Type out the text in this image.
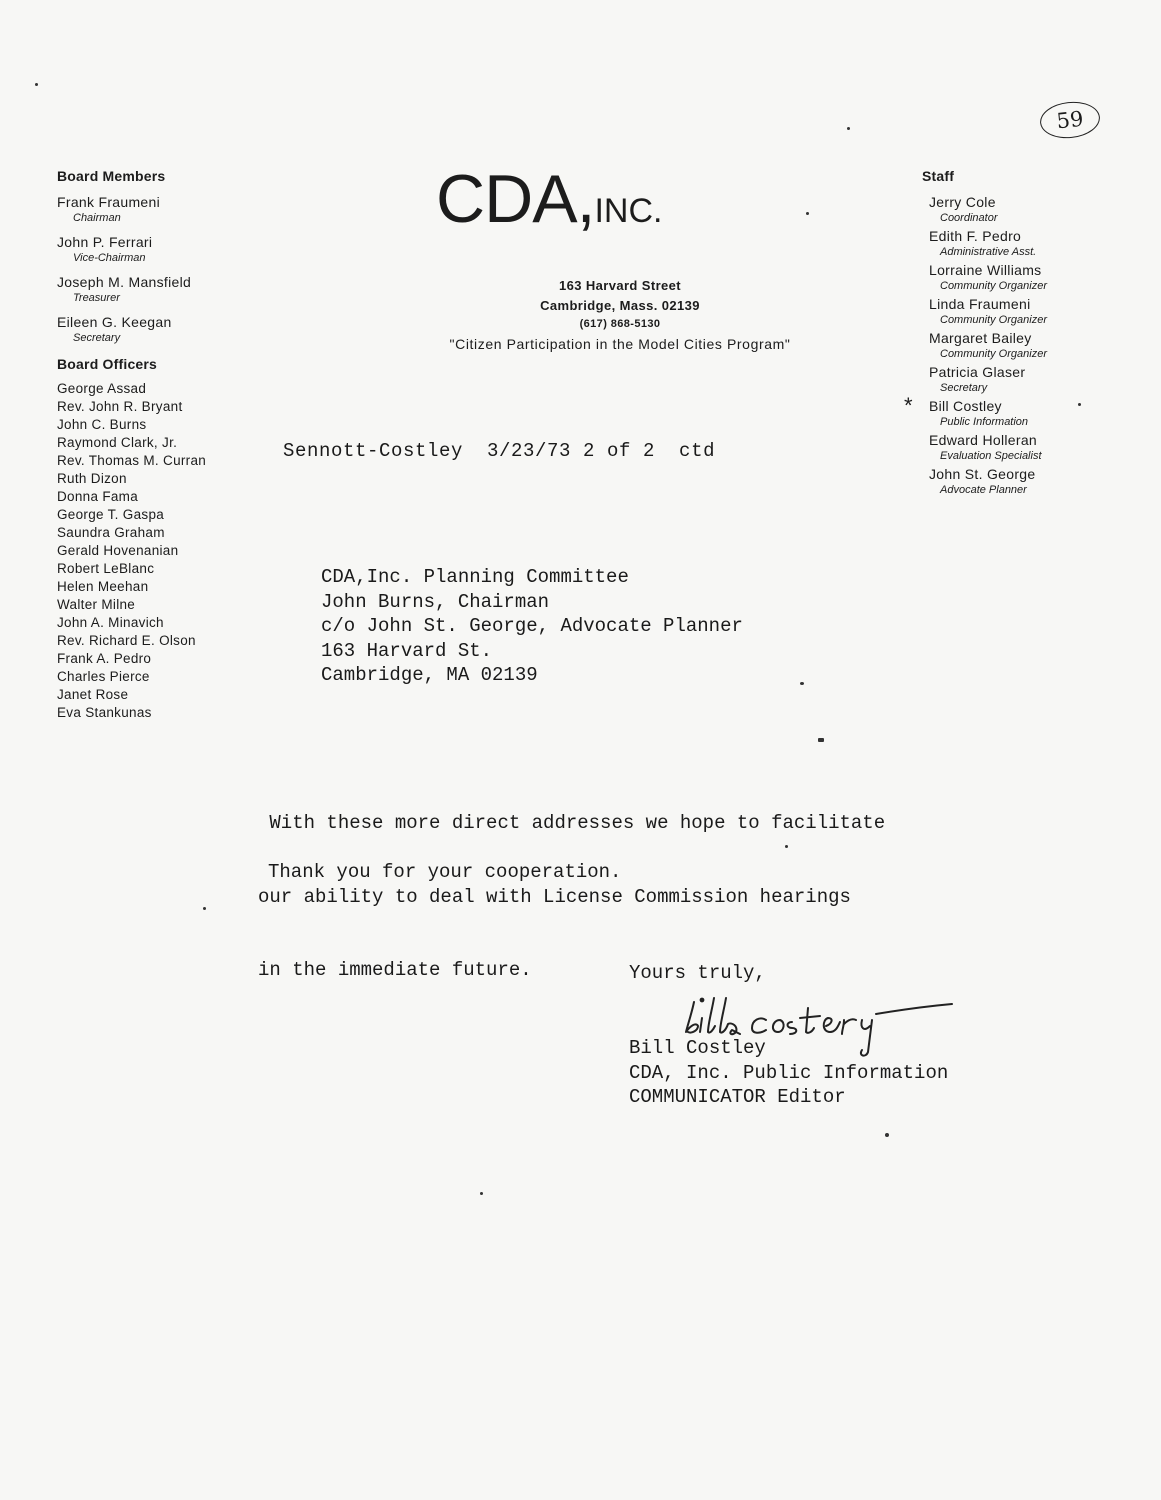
59
Board Members
Frank Fraumeni
Chairman
John P. Ferrari
Vice-Chairman
Joseph M. Mansfield
Treasurer
Eileen G. Keegan
Secretary
Board Officers
George Assad
Rev. John R. Bryant
John C. Burns
Raymond Clark, Jr.
Rev. Thomas M. Curran
Ruth Dizon
Donna Fama
George T. Gaspa
Saundra Graham
Gerald Hovenanian
Robert LeBlanc
Helen Meehan
Walter Milne
John A. Minavich
Rev. Richard E. Olson
Frank A. Pedro
Charles Pierce
Janet Rose
Eva Stankunas
CDA,INC.
163 Harvard Street
Cambridge, Mass. 02139
(617) 868-5130
"Citizen Participation in the Model Cities Program"
Staff
Jerry Cole
Coordinator
Edith F. Pedro
Administrative Asst.
Lorraine Williams
Community Organizer
Linda Fraumeni
Community Organizer
Margaret Bailey
Community Organizer
Patricia Glaser
Secretary
* Bill Costley
Public Information
Edward Holleran
Evaluation Specialist
John St. George
Advocate Planner
Sennott-Costley  3/23/73 2 of 2  ctd
CDA,Inc. Planning Committee
John Burns, Chairman
c/o John St. George, Advocate Planner
163 Harvard St.
Cambridge, MA 02139

With these more direct addresses we hope to facilitate

our ability to deal with License Commission hearings

in the immediate future.

Thank you for your cooperation.
Yours truly,
Bill Costley
CDA, Inc. Public Information
COMMUNICATOR Editor
